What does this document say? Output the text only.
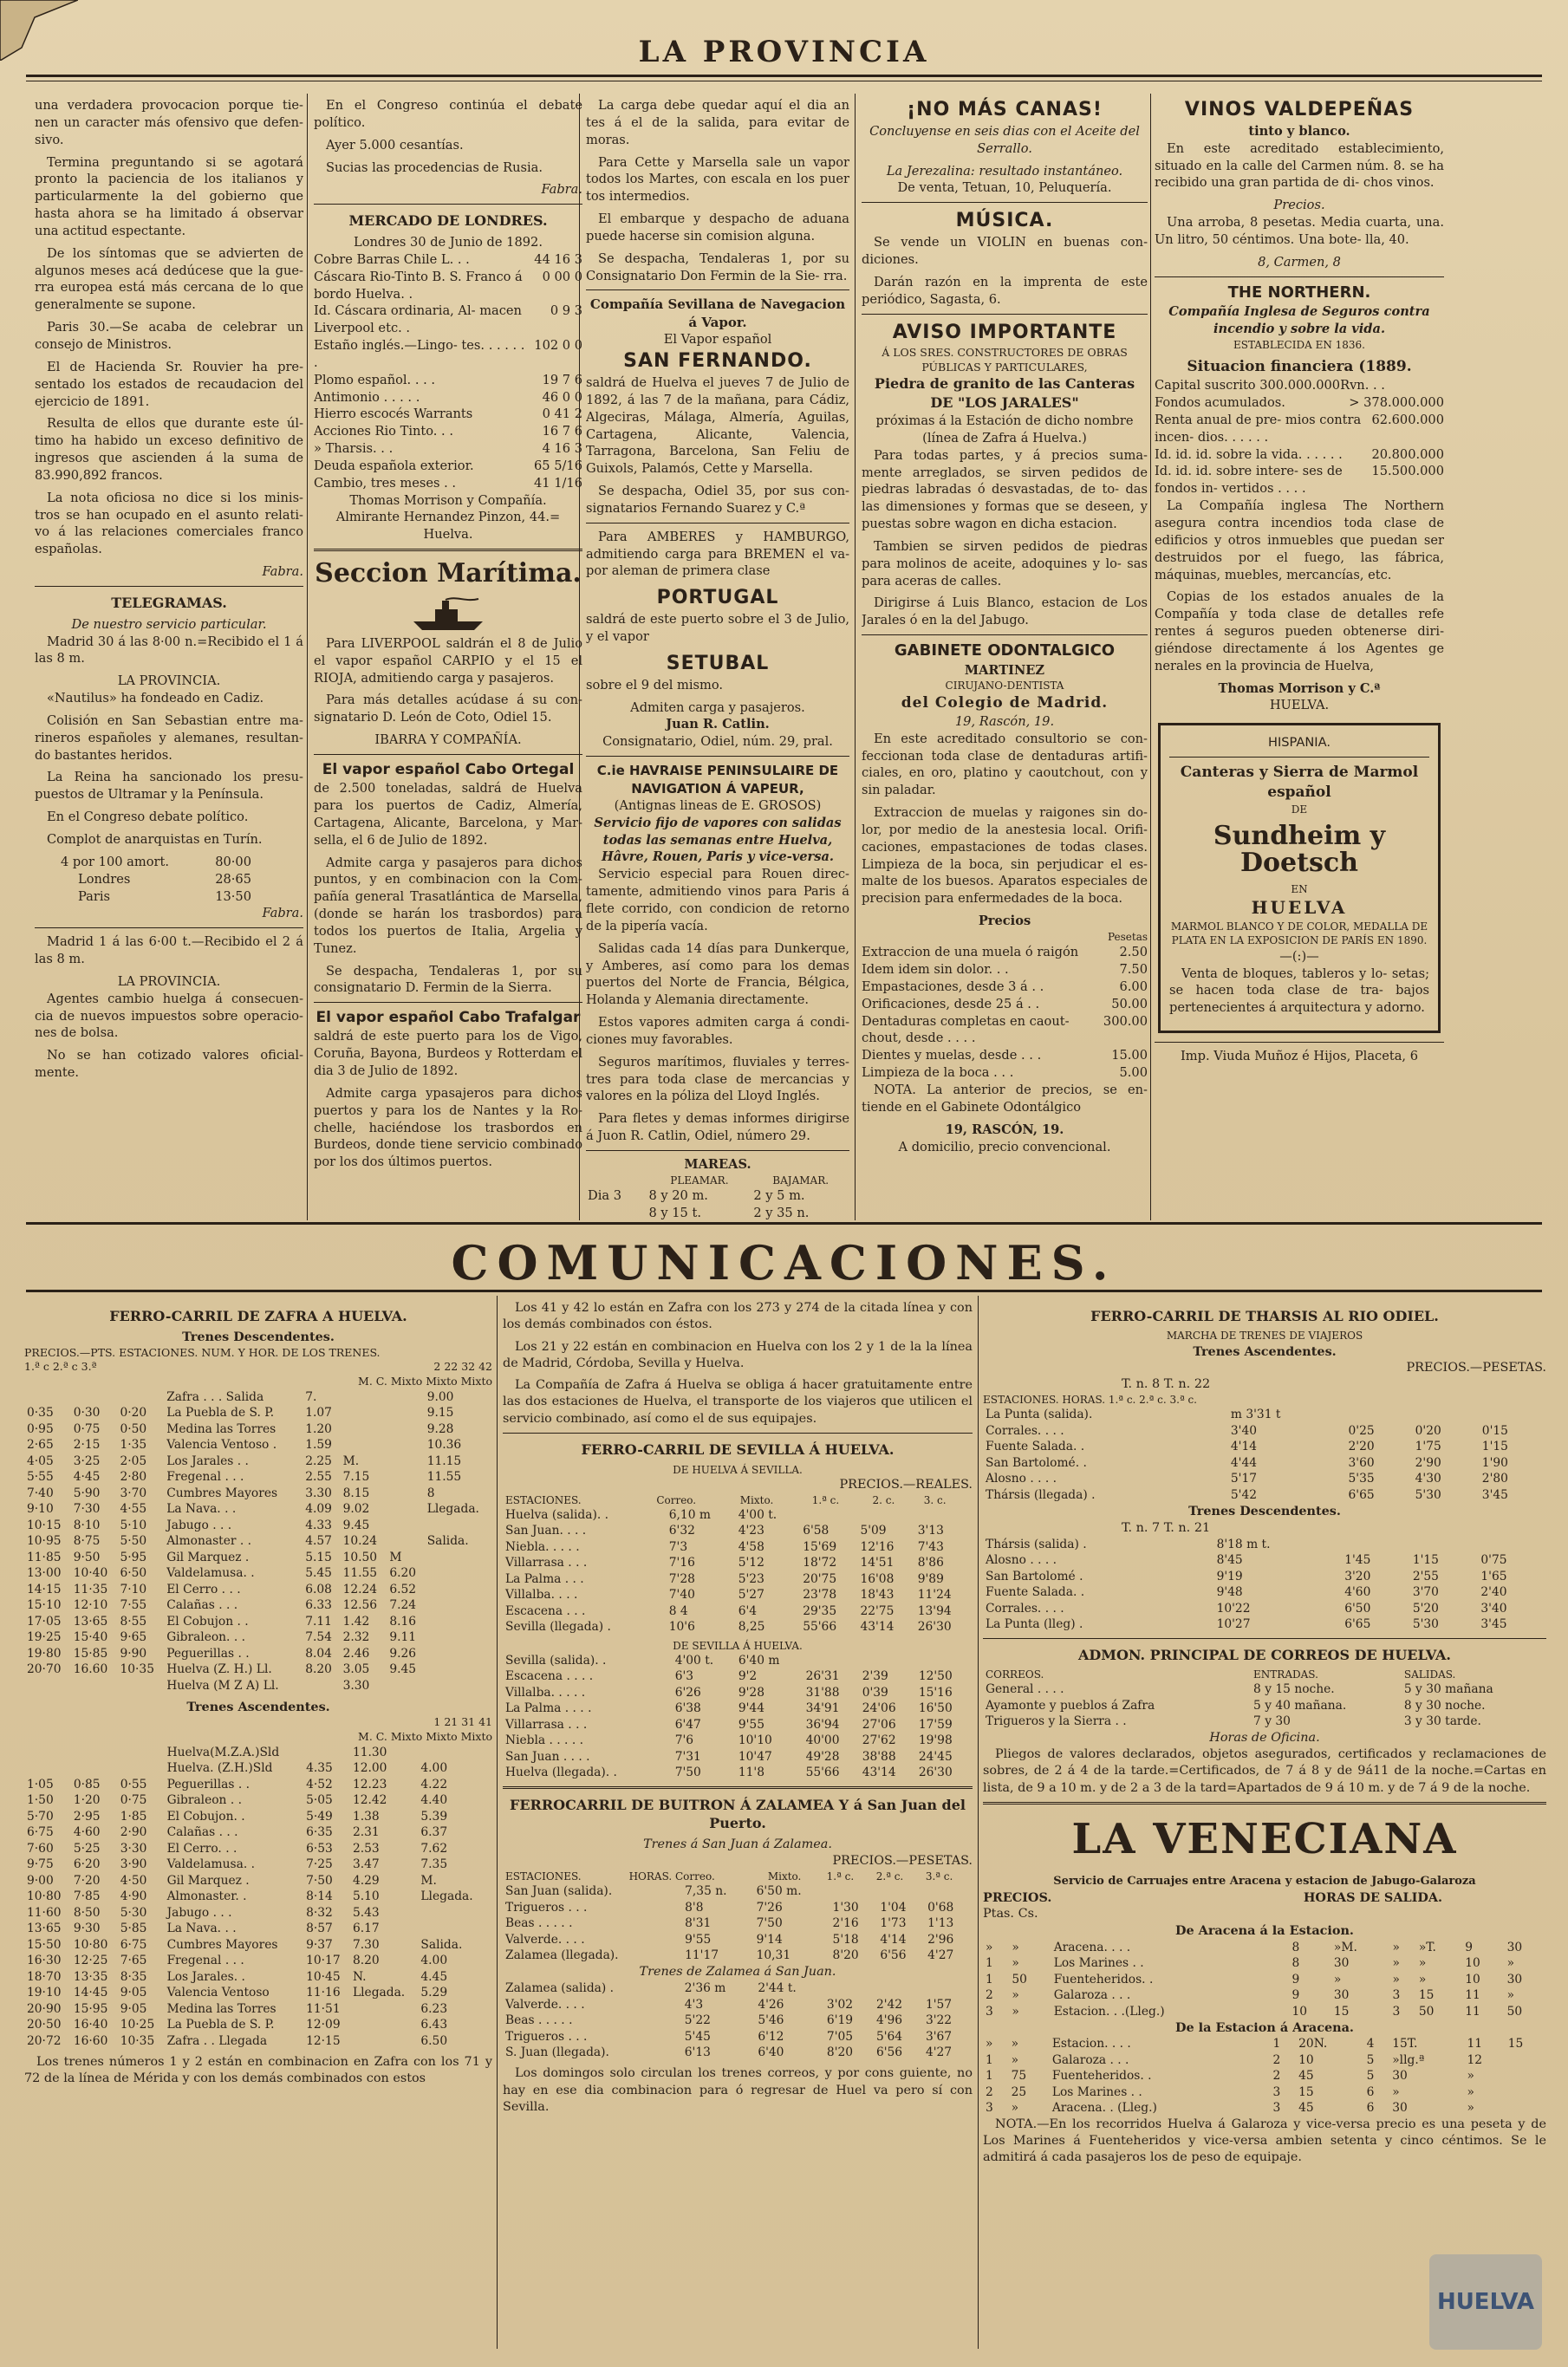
LA PROVINCIA

una verdadera provocacion porque tie- nen un caracter más ofensivo que defen- sivo.

Termina preguntando si se agotará pronto la paciencia de los italianos y particularmente la del gobierno que hasta ahora se ha limitado á observar una actitud espectante.

De los síntomas que se advierten de algunos meses acá dedúcese que la gue- rra europea está más cercana de lo que generalmente se supone.

Paris 30.—Se acaba de celebrar un consejo de Ministros.

El de Hacienda Sr. Rouvier ha pre- sentado los estados de recaudacion del ejercicio de 1891.

Resulta de ellos que durante este úl- timo ha habido un exceso definitivo de ingresos que ascienden á la suma de 83.990,892 francos.

La nota oficiosa no dice si los minis- tros se han ocupado en el asunto relati- vo á las relaciones comerciales franco españolas.

Fabra.
TELEGRAMAS.
De nuestro servicio particular.

Madrid 30 á las 8·00 n.=Recibido el 1 á las 8 m.

LA PROVINCIA.

«Nautilus» ha fondeado en Cadiz.

Colisión en San Sebastian entre ma- rineros españoles y alemanes, resultan- do bastantes heridos.

La Reina ha sancionado los presu- puestos de Ultramar y la Península.

En el Congreso debate político.

Complot de anarquistas en Turín.

4 por 100 amort.	80·00
Londres	28·65
Paris	13·50
Fabra.

Madrid 1 á las 6·00 t.—Recibido el 2 á las 8 m.

LA PROVINCIA.

Agentes cambio huelga á consecuen- cia de nuevos impuestos sobre operacio- nes de bolsa.

No se han cotizado valores oficial- mente.

En el Congreso continúa el debate político.

Ayer 5.000 cesantías.

Sucias las procedencias de Rusia.

Fabra.
MERCADO DE LONDRES.
Londres 30 de Junio de 1892.
Cobre Barras Chile L. . .	44 16 3
Cáscara Rio-Tinto B. S. Franco á bordo Huelva. .
0 00 0
Id. Cáscara ordinaria, Al- macen Liverpool etc. .
0 9 3
Estaño inglés.—Lingo- tes. . . . . . .
102 0 0
Plomo español. . . .	19 7 6
Antimonio . . . . .	46 0 0
Hierro escocés Warrants	0 41 2
Acciones Rio Tinto. . .	16 7 6
» Tharsis. . .	4 16 3
Deuda española exterior.	65 5/16
Cambio, tres meses . .	41 1/16
Thomas Morrison y Compañía.
Almirante Hernandez Pinzon, 44.= Huelva.
Seccion Marítima.

Para LIVERPOOL saldrán el 8 de Julio el vapor español CARPIO y el 15 el RIOJA, admitiendo carga y pasajeros.

Para más detalles acúdase á su con- signatario D. León de Coto, Odiel 15.

IBARRA Y COMPAÑÍA.
El vapor español Cabo Ortegal

de 2.500 toneladas, saldrá de Huelva para los puertos de Cadiz, Almería, Cartagena, Alicante, Barcelona, y Mar- sella, el 6 de Julio de 1892.

Admite carga y pasajeros para dichos puntos, y en combinacion con la Com- pañía general Trasatlántica de Marsella, (donde se harán los trasbordos) para todos los puertos de Italia, Argelia y Tunez.

Se despacha, Tendaleras 1, por su consignatario D. Fermin de la Sierra.

El vapor español Cabo Trafalgar

saldrá de este puerto para los de Vigo, Coruña, Bayona, Burdeos y Rotterdam el dia 3 de Julio de 1892.

Admite carga ypasajeros para dichos puertos y para los de Nantes y la Ro- chelle, haciéndose los trasbordos en Burdeos, donde tiene servicio combinado por los dos últimos puertos.

La carga debe quedar aquí el dia an tes á el de la salida, para evitar de moras.

Para Cette y Marsella sale un vapor todos los Martes, con escala en los puer tos intermedios.

El embarque y despacho de aduana puede hacerse sin comision alguna.

Se despacha, Tendaleras 1, por su Consignatario Don Fermin de la Sie- rra.

Compañía Sevillana de Navegacion á Vapor.
El Vapor español
SAN FERNANDO.

saldrá de Huelva el jueves 7 de Julio de 1892, á las 7 de la mañana, para Cádiz, Algeciras, Málaga, Almería, Aguilas, Cartagena, Alicante, Valencia, Tarragona, Barcelona, San Feliu de Guixols, Palamós, Cette y Marsella.

Se despacha, Odiel 35, por sus con- signatarios Fernando Suarez y C.ª

Para AMBERES y HAMBURGO, admitiendo carga para BREMEN el va- por aleman de primera clase

PORTUGAL

saldrá de este puerto sobre el 3 de Julio, y el vapor

SETUBAL

sobre el 9 del mismo.

Admiten carga y pasajeros.
Juan R. Catlin.
Consignatario, Odiel, núm. 29, pral.
C.ie HAVRAISE PENINSULAIRE DE NAVIGATION Á VAPEUR,
(Antignas lineas de E. GROSOS)
Servicio fijo de vapores con salidas todas las semanas entre Huelva, Hâvre, Rouen, Paris y vice-versa.

Servicio especial para Rouen direc- tamente, admitiendo vinos para Paris á flete corrido, con condicion de retorno de la pipería vacía.

Salidas cada 14 días para Dunkerque, y Amberes, así como para los demas puertos del Norte de Francia, Bélgica, Holanda y Alemania directamente.

Estos vapores admiten carga á condi- ciones muy favorables.

Seguros marítimos, fluviales y terres- tres para toda clase de mercancias y valores en la póliza del Lloyd Inglés.

Para fletes y demas informes dirigirse á Juon R. Catlin, Odiel, número 29.

MAREAS.
	PLEAMAR.	BAJAMAR.
Dia 3	8 y 20 m.	2 y 5 m.
	8 y 15 t.	2 y 35 n.

¡NO MÁS CANAS!

Concluyense en seis dias con el Aceite del Serrallo.

La Jerezalina: resultado instantáneo.
De venta, Tetuan, 10, Peluquería.
MÚSICA.

Se vende un VIOLIN en buenas con- diciones.

Darán razón en la imprenta de este periódico, Sagasta, 6.

AVISO IMPORTANTE
Á LOS SRES. CONSTRUCTORES DE OBRAS PÚBLICAS Y PARTICULARES,
Piedra de granito de las Canteras DE "LOS JARALES"
próximas á la Estación de dicho nombre (línea de Zafra á Huelva.)

Para todas partes, y á precios suma- mente arreglados, se sirven pedidos de piedras labradas ó desvastadas, de to- das las dimensiones y formas que se deseen, y puestas sobre wagon en dicha estacion.

Tambien se sirven pedidos de piedras para molinos de aceite, adoquines y lo- sas para aceras de calles.

Dirigirse á Luis Blanco, estacion de Los Jarales ó en la del Jabugo.

GABINETE ODONTALGICO
MARTINEZ
CIRUJANO-DENTISTA
del Colegio de Madrid.
19, Rascón, 19.

En este acreditado consultorio se con- feccionan toda clase de dentaduras artifi- ciales, en oro, platino y caoutchout, con y sin paladar.

Extraccion de muelas y raigones sin do- lor, por medio de la anestesia local. Orifi- caciones, empastaciones de todas clases. Limpieza de la boca, sin perjudicar el es- malte de los buesos. Aparatos especiales de precision para enfermedades de la boca.

Precios
Pesetas
Extraccion de una muela ó raigón	2.50
Idem idem sin dolor. . .	7.50
Empastaciones, desde 3 á . .	6.00
Orificaciones, desde 25 á . .	50.00
Dentaduras completas en caout- chout, desde . . . .
300.00
Dientes y muelas, desde . . .	15.00
Limpieza de la boca . . .	5.00

NOTA. La anterior de precios, se en- tiende en el Gabinete Odontálgico

19, RASCÓN, 19.
A domicilio, precio convencional.
VINOS VALDEPEÑAS
tinto y blanco.

En este acreditado establecimiento, situado en la calle del Carmen núm. 8. se ha recibido una gran partida de di- chos vinos.

Precios.

Una arroba, 8 pesetas. Media cuarta, una. Un litro, 50 céntimos. Una bote- lla, 40.

8, Carmen, 8
THE NORTHERN.
Compañía Inglesa de Seguros contra incendio y sobre la vida.
ESTABLECIDA EN 1836.
Situacion financiera (1889.
Capital suscrito 300.000.000Rvn. . .
Fondos acumulados.	> 378.000.000
Renta anual de pre- mios contra incen- dios. . . . . .
62.600.000
Id. id. id. sobre la vida. . . . . .	20.800.000
Id. id. id. sobre intere- ses de fondos in- vertidos . . . .
15.500.000

La Compañía inglesa The Northern asegura contra incendios toda clase de edificios y otros inmuebles que puedan ser destruidos por el fuego, las fábrica, máquinas, muebles, mercancías, etc.

Copias de los estados anuales de la Compañía y toda clase de detalles refe rentes á seguros pueden obtenerse diri- giéndose directamente á los Agentes ge nerales en la provincia de Huelva,

Thomas Morrison y C.ª
HUELVA.
HISPANIA.
Canteras y Sierra de Marmol español
DE
Sundheim y Doetsch
EN
HUELVA
MARMOL BLANCO Y DE COLOR, MEDALLA DE PLATA EN LA EXPOSICION DE PARÍS EN 1890.
—(:)—

Venta de bloques, tableros y lo- setas; se hacen toda clase de tra- bajos pertenecientes á arquitectura y adorno.

Imp. Viuda Muñoz é Hijos, Placeta, 6
COMUNICACIONES.
FERRO-CARRIL DE ZAFRA A HUELVA.
Trenes Descendentes.
PRECIOS.—PTS. ESTACIONES. NUM. Y HOR. DE LOS TRENES.
1.ª c 2.ª c 3.ª	2 22 32 42
M. C. Mixto Mixto Mixto
			Zafra . . . Salida	7.			9.00
0·35	0·30	0·20	La Puebla de S. P.	1.07			9.15
0·95	0·75	0·50	Medina las Torres	1.20			9.28
2·65	2·15	1·35	Valencia Ventoso .	1.59			10.36
4·05	3·25	2·05	Los Jarales . .	2.25	M.		11.15
5·55	4·45	2·80	Fregenal . . .	2.55	7.15		11.55
7·40	5·90	3·70	Cumbres Mayores	3.30	8.15		8
9·10	7·30	4·55	La Nava. . .	4.09	9.02		Llegada.
10·15	8·10	5·10	Jabugo . . .	4.33	9.45		
10·95	8·75	5·50	Almonaster . .	4.57	10.24		Salida.
11·85	9·50	5·95	Gil Marquez .	5.15	10.50	M	
13·00	10·40	6·50	Valdelamusa. .	5.45	11.55	6.20	
14·15	11·35	7·10	El Cerro . . .	6.08	12.24	6.52	
15·10	12·10	7·55	Calañas . . .	6.33	12.56	7.24	
17·05	13·65	8·55	El Cobujon . .	7.11	1.42	8.16	
19·25	15·40	9·65	Gibraleon. . .	7.54	2.32	9.11	
19·80	15·85	9·90	Peguerillas . .	8.04	2.46	9.26	
20·70	16.60	10·35	Huelva (Z. H.) Ll.	8.20	3.05	9.45	
			Huelva (M Z A) Ll.		3.30		
Trenes Ascendentes.
1 21 31 41
M. C. Mixto Mixto Mixto
			Huelva(M.Z.A.)Sld		11.30		
			Huelva. (Z.H.)Sld	4.35	12.00	4.00	
1·05	0·85	0·55	Peguerillas . .	4·52	12.23	4.22	
1·50	1·20	0·75	Gibraleon . .	5·05	12.42	4.40	
5·70	2·95	1·85	El Cobujon. .	5·49	1.38	5.39	
6·75	4·60	2·90	Calañas . . .	6·35	2.31	6.37	
7·60	5·25	3·30	El Cerro. . .	6·53	2.53	7.62	
9·75	6·20	3·90	Valdelamusa. .	7·25	3.47	7.35	
9·00	7·20	4·50	Gil Marquez .	7·50	4.29	M.	
10·80	7·85	4·90	Almonaster. .	8·14	5.10	Llegada.	
11·60	8·50	5·30	Jabugo . . .	8·32	5.43		
13·65	9·30	5·85	La Nava. . .	8·57	6.17		
15·50	10·80	6·75	Cumbres Mayores	9·37	7.30	Salida.	
16·30	12·25	7·65	Fregenal . . .	10·17	8.20	4.00	
18·70	13·35	8·35	Los Jarales. .	10·45	N.	4.45	
19·10	14·45	9·05	Valencia Ventoso	11·16	Llegada.	5.29	
20·90	15·95	9·05	Medina las Torres	11·51		6.23	
20·50	16·40	10·25	La Puebla de S. P.	12·09		6.43	
20·72	16·60	10·35	Zafra . . Llegada	12·15		6.50	

Los trenes números 1 y 2 están en combinacion en Zafra con los 71 y 72 de la línea de Mérida y con los demás combinados con estos

Los 41 y 42 lo están en Zafra con los 273 y 274 de la citada línea y con los demás combinados con éstos.

Los 21 y 22 están en combinacion en Huelva con los 2 y 1 de la la línea de Madrid, Córdoba, Sevilla y Huelva.

La Compañía de Zafra á Huelva se obliga á hacer gratuitamente entre las dos estaciones de Huelva, el transporte de los viajeros que utilicen el servicio combinado, así como el de sus equipajes.

FERRO-CARRIL DE SEVILLA Á HUELVA.
DE HUELVA Á SEVILLA.
PRECIOS.—REALES.
ESTACIONES.	Correo.	Mixto.	1.ª c.	2. c.	3. c.
Huelva (salida). .	6,10 m	4'00 t.			
San Juan. . . .	6'32	4'23	6'58	5'09	3'13
Niebla. . . . .	7'3	4'58	15'69	12'16	7'43
Villarrasa . . .	7'16	5'12	18'72	14'51	8'86
La Palma . . .	7'28	5'23	20'75	16'08	9'89
Villalba. . . .	7'40	5'27	23'78	18'43	11'24
Escacena . . .	8 4	6'4	29'35	22'75	13'94
Sevilla (llegada) .	10'6	8,25	55'66	43'14	26'30
DE SEVILLA Á HUELVA.
Sevilla (salida). .	4'00 t.	6'40 m			
Escacena . . . .	6'3	9'2	26'31	2'39	12'50
Villalba. . . . .	6'26	9'28	31'88	0'39	15'16
La Palma . . . .	6'38	9'44	34'91	24'06	16'50
Villarrasa . . .	6'47	9'55	36'94	27'06	17'59
Niebla . . . . .	7'6	10'10	40'00	27'62	19'98
San Juan . . . .	7'31	10'47	49'28	38'88	24'45
Huelva (llegada). .	7'50	11'8	55'66	43'14	26'30
FERROCARRIL DE BUITRON Á ZALAMEA Y á San Juan del Puerto.
Trenes á San Juan á Zalamea.
PRECIOS.—PESETAS.
ESTACIONES.	HORAS. Correo.	Mixto.	1.ª c.	2.ª c.	3.ª c.
San Juan (salida).	7,35 n.	6'50 m.			
Trigueros . . .	8'8	7'26	1'30	1'04	0'68
Beas . . . . .	8'31	7'50	2'16	1'73	1'13
Valverde. . . .	9'55	9'14	5'18	4'14	2'96
Zalamea (llegada).	11'17	10,31	8'20	6'56	4'27
Trenes de Zalamea á San Juan.
Zalamea (salida) .	2'36 m	2'44 t.			
Valverde. . . .	4'3	4'26	3'02	2'42	1'57
Beas . . . . .	5'22	5'46	6'19	4'96	3'22
Trigueros . . .	5'45	6'12	7'05	5'64	3'67
S. Juan (llegada).	6'13	6'40	8'20	6'56	4'27

Los domingos solo circulan los trenes correos, y por cons guiente, no hay en ese dia combinacion para ó regresar de Huel va pero sí con Sevilla.

FERRO-CARRIL DE THARSIS AL RIO ODIEL.
MARCHA DE TRENES DE VIAJEROS
Trenes Ascendentes.
PRECIOS.—PESETAS.
T. n. 8 T. n. 22
ESTACIONES. HORAS. 1.ª c. 2.ª c. 3.ª c.
La Punta (salida).	m 3'31 t			
Corrales. . . .	3'40	0'25	0'20	0'15
Fuente Salada. .	4'14	2'20	1'75	1'15
San Bartolomé. .	4'44	3'60	2'90	1'90
Alosno . . . .	5'17	5'35	4'30	2'80
Thársis (llegada) .	5'42	6'65	5'30	3'45
Trenes Descendentes.
T. n. 7 T. n. 21
Thársis (salida) .	8'18 m t.			
Alosno . . . .	8'45	1'45	1'15	0'75
San Bartolomé .	9'19	3'20	2'55	1'65
Fuente Salada. .	9'48	4'60	3'70	2'40
Corrales. . . .	10'22	6'50	5'20	3'40
La Punta (lleg) .	10'27	6'65	5'30	3'45
ADMON. PRINCIPAL DE CORREOS DE HUELVA.
CORREOS.	ENTRADAS.	SALIDAS.
General . . . .	8 y 15 noche.	5 y 30 mañana
Ayamonte y pueblos á Zafra	5 y 40 mañana.	8 y 30 noche.
Trigueros y la Sierra . .	7 y 30	3 y 30 tarde.
Horas de Oficina.

Pliegos de valores declarados, objetos asegurados, certificados y reclamaciones de sobres, de 2 á 4 de la tarde.=Certificados, de 7 á 8 y de 9á11 de la noche.=Cartas en lista, de 9 a 10 m. y de 2 a 3 de la tard=Apartados de 9 á 10 m. y de 7 á 9 de la noche.

LA VENECIANA
Servicio de Carruajes entre Aracena y estacion de Jabugo-Galaroza
PRECIOS.	HORAS DE SALIDA.
Ptas. Cs.
De Aracena á la Estacion.
»	»	Aracena. . . .	8	»M.	»	»T.	9	30
1	»	Los Marines . .	8	30	»	»	10	»
1	50	Fuenteheridos. .	9	»	»	»	10	30
2	»	Galaroza . . .	9	30	3	15	11	»
3	»	Estacion. . .(Lleg.)	10	15	3	50	11	50
De la Estacion á Aracena.
»	»	Estacion. . . .	1	20N.	4	15T.	11	15
1	»	Galaroza . . .	2	10	5	»llg.ª	12	
1	75	Fuenteheridos. .	2	45	5	30	»	
2	25	Los Marines . .	3	15	6	»	»	
3	»	Aracena. . (Lleg.)	3	45	6	30	»	

NOTA.—En los recorridos Huelva á Galaroza y vice-versa precio es una peseta y de Los Marines á Fuenteheridos y vice-versa ambien setenta y cinco céntimos. Se le admitirá á cada pasajeros los de peso de equipaje.

HUELVA
